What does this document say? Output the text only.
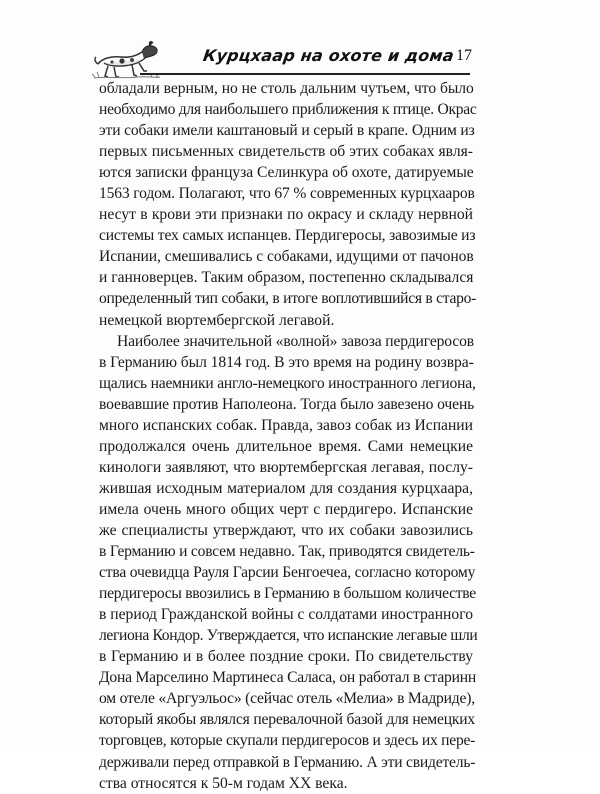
Курцхаар на охоте и дома 17
обладали верным, но не столь дальним чутьем, что было
необходимо для наибольшего приближения к птице. Окрас
эти собаки имели каштановый и серый в крапе. Одним из
первых письменных свидетельств об этих собаках явля-
ются записки француза Селинкура об охоте, датируемые
1563 годом. Полагают, что 67 % современных курцхааров
несут в крови эти признаки по окрасу и складу нервной
системы тех самых испанцев. Пердигеросы, завозимые из
Испании, смешивались с собаками, идущими от пачонов
и ганноверцев. Таким образом, постепенно складывался
определенный тип собаки, в итоге воплотившийся в старо-
немецкой вюртембергской легавой.
Наиболее значительной «волной» завоза пердигеросов
в Германию был 1814 год. В это время на родину возвра-
щались наемники англо-немецкого иностранного легиона,
воевавшие против Наполеона. Тогда было завезено очень
много испанских собак. Правда, завоз собак из Испании
продолжался очень длительное время. Сами немецкие
кинологи заявляют, что вюртембергская легавая, послу-
жившая исходным материалом для создания курцхаара,
имела очень много общих черт с пердигеро. Испанские
же специалисты утверждают, что их собаки завозились
в Германию и совсем недавно. Так, приводятся свидетель-
ства очевидца Рауля Гарсии Бенгоечеа, согласно которому
пердигеросы ввозились в Германию в большом количестве
в период Гражданской войны с солдатами иностранного
легиона Кондор. Утверждается, что испанские легавые шли
в Германию и в более поздние сроки. По свидетельству
Дона Марселино Мартинеса Саласа, он работал в старинн
ом отеле «Аргуэльос» (сейчас отель «Мелиа» в Мадриде),
который якобы являлся перевалочной базой для немецких
торговцев, которые скупали пердигеросов и здесь их пере-
держивали перед отправкой в Германию. А эти свидетель-
ства относятся к 50-м годам XX века.
